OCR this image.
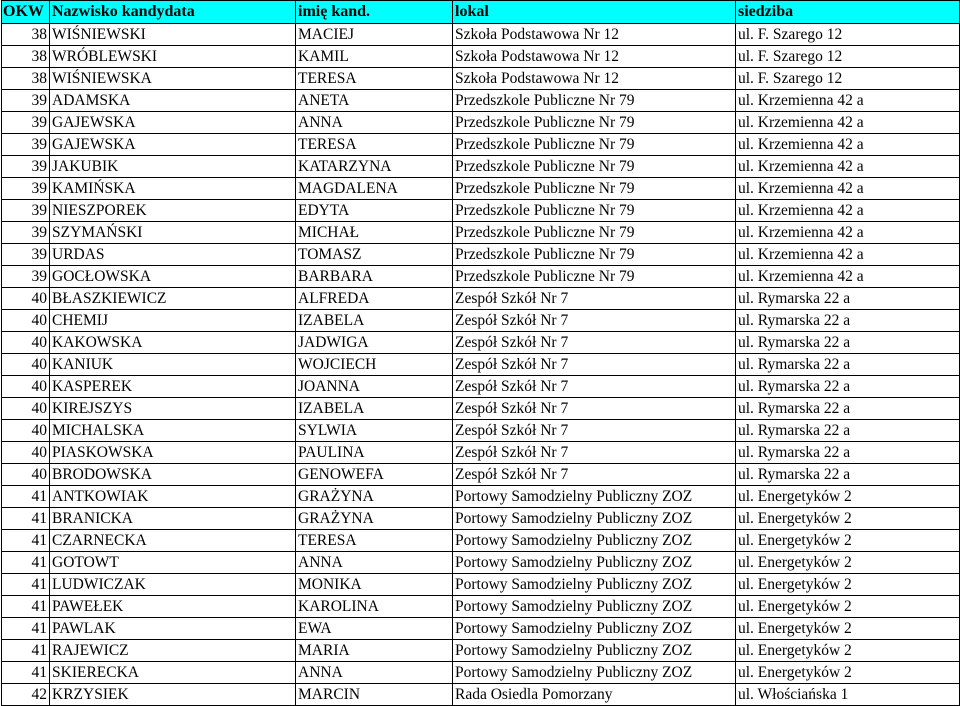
OKW	Nazwisko kandydata	imię kand.	lokal	siedziba
38	WIŚNIEWSKI	MACIEJ	Szkoła Podstawowa Nr 12	ul. F. Szarego 12
38	WRÓBLEWSKI	KAMIL	Szkoła Podstawowa Nr 12	ul. F. Szarego 12
38	WIŚNIEWSKA	TERESA	Szkoła Podstawowa Nr 12	ul. F. Szarego 12
39	ADAMSKA	ANETA	Przedszkole Publiczne Nr 79	ul. Krzemienna 42 a
39	GAJEWSKA	ANNA	Przedszkole Publiczne Nr 79	ul. Krzemienna 42 a
39	GAJEWSKA	TERESA	Przedszkole Publiczne Nr 79	ul. Krzemienna 42 a
39	JAKUBIK	KATARZYNA	Przedszkole Publiczne Nr 79	ul. Krzemienna 42 a
39	KAMIŃSKA	MAGDALENA	Przedszkole Publiczne Nr 79	ul. Krzemienna 42 a
39	NIESZPOREK	EDYTA	Przedszkole Publiczne Nr 79	ul. Krzemienna 42 a
39	SZYMAŃSKI	MICHAŁ	Przedszkole Publiczne Nr 79	ul. Krzemienna 42 a
39	URDAS	TOMASZ	Przedszkole Publiczne Nr 79	ul. Krzemienna 42 a
39	GOCŁOWSKA	BARBARA	Przedszkole Publiczne Nr 79	ul. Krzemienna 42 a
40	BŁASZKIEWICZ	ALFREDA	Zespół Szkół Nr 7	ul. Rymarska 22 a
40	CHEMIJ	IZABELA	Zespół Szkół Nr 7	ul. Rymarska 22 a
40	KAKOWSKA	JADWIGA	Zespół Szkół Nr 7	ul. Rymarska 22 a
40	KANIUK	WOJCIECH	Zespół Szkół Nr 7	ul. Rymarska 22 a
40	KASPEREK	JOANNA	Zespół Szkół Nr 7	ul. Rymarska 22 a
40	KIREJSZYS	IZABELA	Zespół Szkół Nr 7	ul. Rymarska 22 a
40	MICHALSKA	SYLWIA	Zespół Szkół Nr 7	ul. Rymarska 22 a
40	PIASKOWSKA	PAULINA	Zespół Szkół Nr 7	ul. Rymarska 22 a
40	BRODOWSKA	GENOWEFA	Zespół Szkół Nr 7	ul. Rymarska 22 a
41	ANTKOWIAK	GRAŻYNA	Portowy Samodzielny Publiczny ZOZ	ul. Energetyków 2
41	BRANICKA	GRAŻYNA	Portowy Samodzielny Publiczny ZOZ	ul. Energetyków 2
41	CZARNECKA	TERESA	Portowy Samodzielny Publiczny ZOZ	ul. Energetyków 2
41	GOTOWT	ANNA	Portowy Samodzielny Publiczny ZOZ	ul. Energetyków 2
41	LUDWICZAK	MONIKA	Portowy Samodzielny Publiczny ZOZ	ul. Energetyków 2
41	PAWEŁEK	KAROLINA	Portowy Samodzielny Publiczny ZOZ	ul. Energetyków 2
41	PAWLAK	EWA	Portowy Samodzielny Publiczny ZOZ	ul. Energetyków 2
41	RAJEWICZ	MARIA	Portowy Samodzielny Publiczny ZOZ	ul. Energetyków 2
41	SKIERECKA	ANNA	Portowy Samodzielny Publiczny ZOZ	ul. Energetyków 2
42	KRZYSIEK	MARCIN	Rada Osiedla Pomorzany	ul. Włościańska 1
